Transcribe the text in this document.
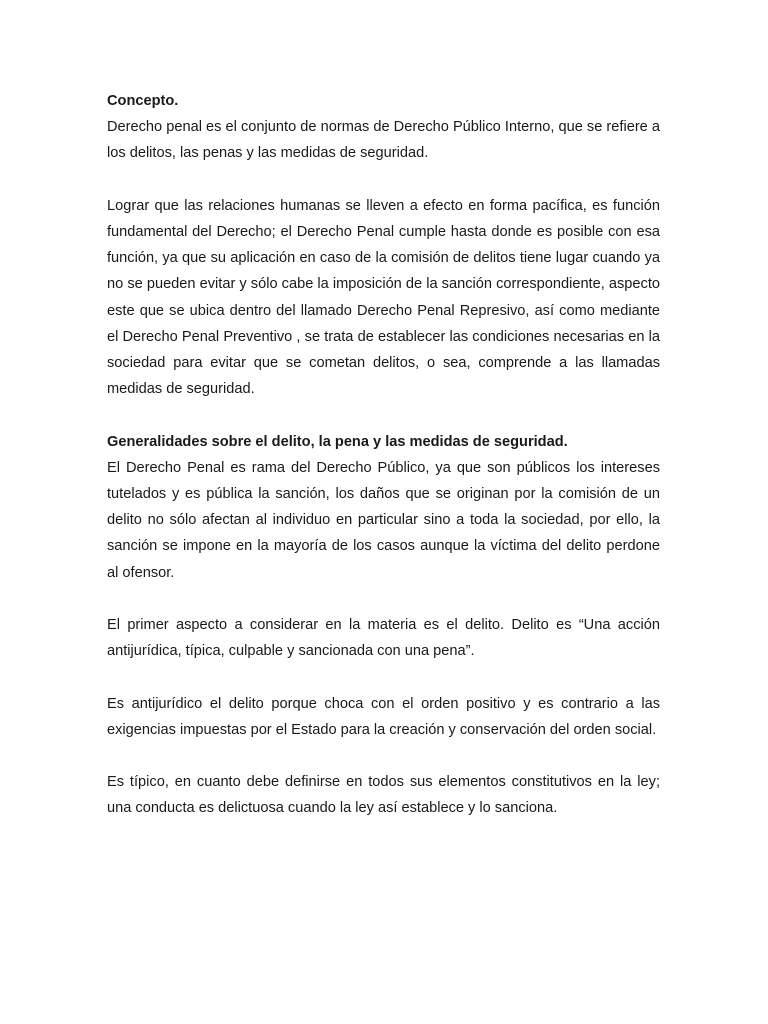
Concepto.

Derecho penal es el conjunto de normas de Derecho Público Interno, que se refiere a los delitos, las penas y las medidas de seguridad.

Lograr que las relaciones humanas se lleven a efecto en forma pacífica, es función fundamental del Derecho; el Derecho Penal cumple hasta donde es posible con esa función, ya que su aplicación en caso de la comisión de delitos tiene lugar cuando ya no se pueden evitar y sólo cabe la imposición de la sanción correspondiente, aspecto este que se ubica dentro del llamado Derecho Penal Represivo, así como mediante el Derecho Penal Preventivo , se trata de establecer las condiciones necesarias en la sociedad para evitar que se cometan delitos, o sea, comprende a las llamadas medidas de seguridad.

Generalidades sobre el delito, la pena y las medidas de seguridad.

El Derecho Penal es rama del Derecho Público, ya que son públicos los intereses tutelados y es pública la sanción, los daños que se originan por la comisión de un delito no sólo afectan al individuo en particular sino a toda la sociedad, por ello, la sanción se impone en la mayoría de los casos aunque la víctima del delito perdone al ofensor.

El primer aspecto a considerar en la materia es el delito. Delito es “Una acción antijurídica, típica, culpable y sancionada con una pena”.

Es antijurídico el delito porque choca con el orden positivo y es contrario a las exigencias impuestas por el Estado para la creación y conservación del orden social.

Es típico, en cuanto debe definirse en todos sus elementos constitutivos en la ley; una conducta es delictuosa cuando la ley así establece y lo sanciona.
